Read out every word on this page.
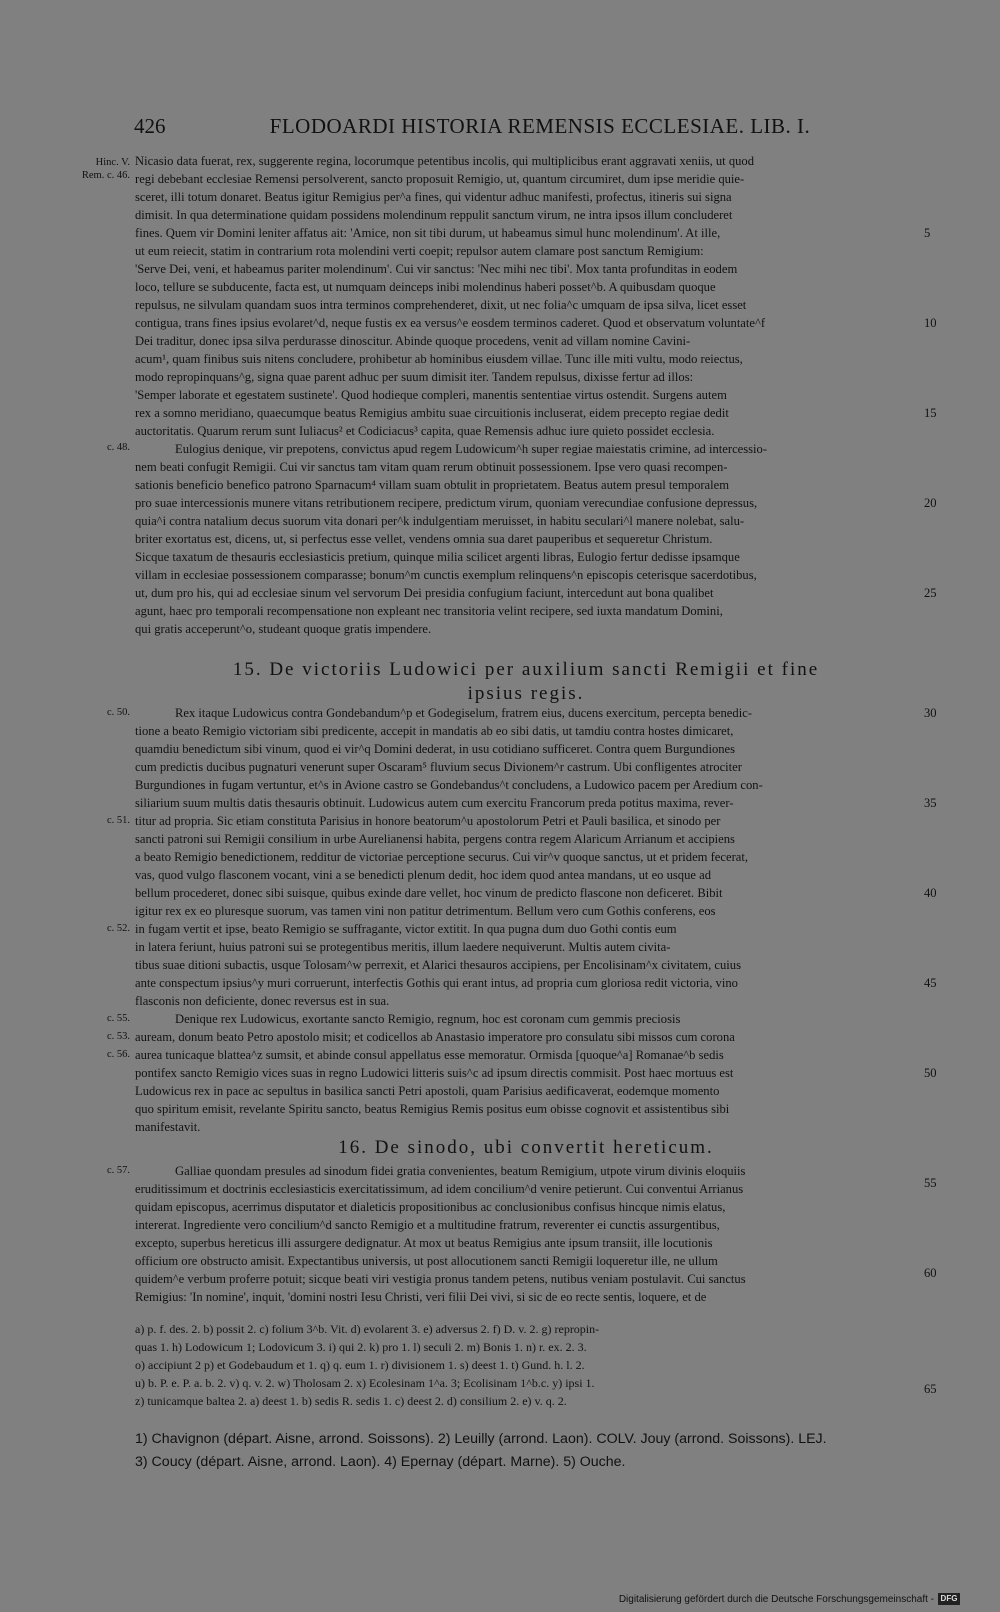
426	FLODOARDI HISTORIA REMENSIS ECCLESIAE. LIB. I.
Hinc. V.
Rem. c. 46.
c. 48.
c. 50.
c. 51.
c. 52.
c. 55.
c. 53.
c. 56.
c. 57.
5
10
15
20
25
30
35
40
45
50
55
60
65
Nicasio data fuerat, rex, suggerente regina, locorumque petentibus incolis, qui multiplicibus erant aggravati xeniis, ut quod
regi debebant ecclesiae Remensi persolverent, sancto proposuit Remigio, ut, quantum circumiret, dum ipse meridie quie-
sceret, illi totum donaret. Beatus igitur Remigius per^a fines, qui videntur adhuc manifesti, profectus, itineris sui signa
dimisit. In qua determinatione quidam possidens molendinum reppulit sanctum virum, ne intra ipsos illum concluderet
fines. Quem vir Domini leniter affatus ait: 'Amice, non sit tibi durum, ut habeamus simul hunc molendinum'. At ille,
ut eum reiecit, statim in contrarium rota molendini verti coepit; repulsor autem clamare post sanctum Remigium:
'Serve Dei, veni, et habeamus pariter molendinum'. Cui vir sanctus: 'Nec mihi nec tibi'. Mox tanta profunditas in eodem
loco, tellure se subducente, facta est, ut numquam deinceps inibi molendinus haberi posset^b. A quibusdam quoque
repulsus, ne silvulam quandam suos intra terminos comprehenderet, dixit, ut nec folia^c umquam de ipsa silva, licet esset
contigua, trans fines ipsius evolaret^d, neque fustis ex ea versus^e eosdem terminos caderet. Quod et observatum voluntate^f
Dei traditur, donec ipsa silva perdurasse dinoscitur. Abinde quoque procedens, venit ad villam nomine Cavini-
acum¹, quam finibus suis nitens concludere, prohibetur ab hominibus eiusdem villae. Tunc ille miti vultu, modo reiectus,
modo repropinquans^g, signa quae parent adhuc per suum dimisit iter. Tandem repulsus, dixisse fertur ad illos:
'Semper laborate et egestatem sustinete'. Quod hodieque compleri, manentis sententiae virtus ostendit. Surgens autem
rex a somno meridiano, quaecumque beatus Remigius ambitu suae circuitionis incluserat, eidem precepto regiae dedit
auctoritatis. Quarum rerum sunt Iuliacus² et Codiciacus³ capita, quae Remensis adhuc iure quieto possidet ecclesia.
Eulogius denique, vir prepotens, convictus apud regem Ludowicum^h super regiae maiestatis crimine, ad intercessio-
nem beati confugit Remigii. Cui vir sanctus tam vitam quam rerum obtinuit possessionem. Ipse vero quasi recompen-
sationis beneficio benefico patrono Sparnacum⁴ villam suam obtulit in proprietatem. Beatus autem presul temporalem
pro suae intercessionis munere vitans retributionem recipere, predictum virum, quoniam verecundiae confusione depressus,
quia^i contra natalium decus suorum vita donari per^k indulgentiam meruisset, in habitu seculari^l manere nolebat, salu-
briter exortatus est, dicens, ut, si perfectus esse vellet, vendens omnia sua daret pauperibus et sequeretur Christum.
Sicque taxatum de thesauris ecclesiasticis pretium, quinque milia scilicet argenti libras, Eulogio fertur dedisse ipsamque
villam in ecclesiae possessionem comparasse; bonum^m cunctis exemplum relinquens^n episcopis ceterisque sacerdotibus,
ut, dum pro his, qui ad ecclesiae sinum vel servorum Dei presidia confugium faciunt, intercedunt aut bona qualibet
agunt, haec pro temporali recompensatione non expleant nec transitoria velint recipere, sed iuxta mandatum Domini,
qui gratis acceperunt^o, studeant quoque gratis impendere.
15. De victoriis Ludowici per auxilium sancti Remigii et fine
ipsius regis.
Rex itaque Ludowicus contra Gondebandum^p et Godegiselum, fratrem eius, ducens exercitum, percepta benedic-
tione a beato Remigio victoriam sibi predicente, accepit in mandatis ab eo sibi datis, ut tamdiu contra hostes dimicaret,
quamdiu benedictum sibi vinum, quod ei vir^q Domini dederat, in usu cotidiano sufficeret. Contra quem Burgundiones
cum predictis ducibus pugnaturi venerunt super Oscaram⁵ fluvium secus Divionem^r castrum. Ubi confligentes atrociter
Burgundiones in fugam vertuntur, et^s in Avione castro se Gondebandus^t concludens, a Ludowico pacem per Aredium con-
siliarium suum multis datis thesauris obtinuit. Ludowicus autem cum exercitu Francorum preda potitus maxima, rever-
titur ad propria. Sic etiam constituta Parisius in honore beatorum^u apostolorum Petri et Pauli basilica, et sinodo per
sancti patroni sui Remigii consilium in urbe Aurelianensi habita, pergens contra regem Alaricum Arrianum et accipiens
a beato Remigio benedictionem, redditur de victoriae perceptione securus. Cui vir^v quoque sanctus, ut et pridem fecerat,
vas, quod vulgo flasconem vocant, vini a se benedicti plenum dedit, hoc idem quod antea mandans, ut eo usque ad
bellum procederet, donec sibi suisque, quibus exinde dare vellet, hoc vinum de predicto flascone non deficeret. Bibit
igitur rex ex eo pluresque suorum, vas tamen vini non patitur detrimentum. Bellum vero cum Gothis conferens, eos
in fugam vertit et ipse, beato Remigio se suffragante, victor extitit. In qua pugna dum duo Gothi contis eum
in latera feriunt, huius patroni sui se protegentibus meritis, illum laedere nequiverunt. Multis autem civita-
tibus suae ditioni subactis, usque Tolosam^w perrexit, et Alarici thesauros accipiens, per Encolisinam^x civitatem, cuius
ante conspectum ipsius^y muri corruerunt, interfectis Gothis qui erant intus, ad propria cum gloriosa redit victoria, vino
flasconis non deficiente, donec reversus est in sua.
Denique rex Ludowicus, exortante sancto Remigio, regnum, hoc est coronam cum gemmis preciosis
auream, donum beato Petro apostolo misit; et codicellos ab Anastasio imperatore pro consulatu sibi missos cum corona
aurea tunicaque blattea^z sumsit, et abinde consul appellatus esse memoratur. Ormisda [quoque^a] Romanae^b sedis
pontifex sancto Remigio vices suas in regno Ludowici litteris suis^c ad ipsum directis commisit. Post haec mortuus est
Ludowicus rex in pace ac sepultus in basilica sancti Petri apostoli, quam Parisius aedificaverat, eodemque momento
quo spiritum emisit, revelante Spiritu sancto, beatus Remigius Remis positus eum obisse cognovit et assistentibus sibi
manifestavit.
16. De sinodo, ubi convertit hereticum.
Galliae quondam presules ad sinodum fidei gratia convenientes, beatum Remigium, utpote virum divinis eloquiis
eruditissimum et doctrinis ecclesiasticis exercitatissimum, ad idem concilium^d venire petierunt. Cui conventui Arrianus
quidam episcopus, acerrimus disputator et dialeticis propositionibus ac conclusionibus confisus hincque nimis elatus,
intererat. Ingrediente vero concilium^d sancto Remigio et a multitudine fratrum, reverenter ei cunctis assurgentibus,
excepto, superbus hereticus illi assurgere dedignatur. At mox ut beatus Remigius ante ipsum transiit, ille locutionis
officium ore obstructo amisit. Expectantibus universis, ut post allocutionem sancti Remigii loqueretur ille, ne ullum
quidem^e verbum proferre potuit; sicque beati viri vestigia pronus tandem petens, nutibus veniam postulavit. Cui sanctus
Remigius: 'In nomine', inquit, 'domini nostri Iesu Christi, veri filii Dei vivi, si sic de eo recte sentis, loquere, et de
a) p. f. des. 2. b) possit 2. c) folium 3^b. Vit. d) evolarent 3. e) adversus 2. f) D. v. 2. g) repropin-
quas 1. h) Lodowicum 1; Lodovicum 3. i) qui 2. k) pro 1. l) seculi 2. m) Bonis 1. n) r. ex. 2. 3.
o) accipiunt 2 p) et Godebaudum et 1. q) q. eum 1. r) divisionem 1. s) deest 1. t) Gund. h. l. 2.
u) b. P. e. P. a. b. 2. v) q. v. 2. w) Tholosam 2. x) Ecolesinam 1^a. 3; Ecolisinam 1^b.c. y) ipsi 1.
z) tunicamque baltea 2. a) deest 1. b) sedis R. sedis 1. c) deest 2. d) consilium 2. e) v. q. 2.
1) Chavignon (départ. Aisne, arrond. Soissons). 2) Leuilly (arrond. Laon). COLV. Jouy (arrond. Soissons). LEJ.
3) Coucy (départ. Aisne, arrond. Laon). 4) Epernay (départ. Marne). 5) Ouche.
Digitalisierung gefördert durch die Deutsche Forschungsgemeinschaft - DFG
